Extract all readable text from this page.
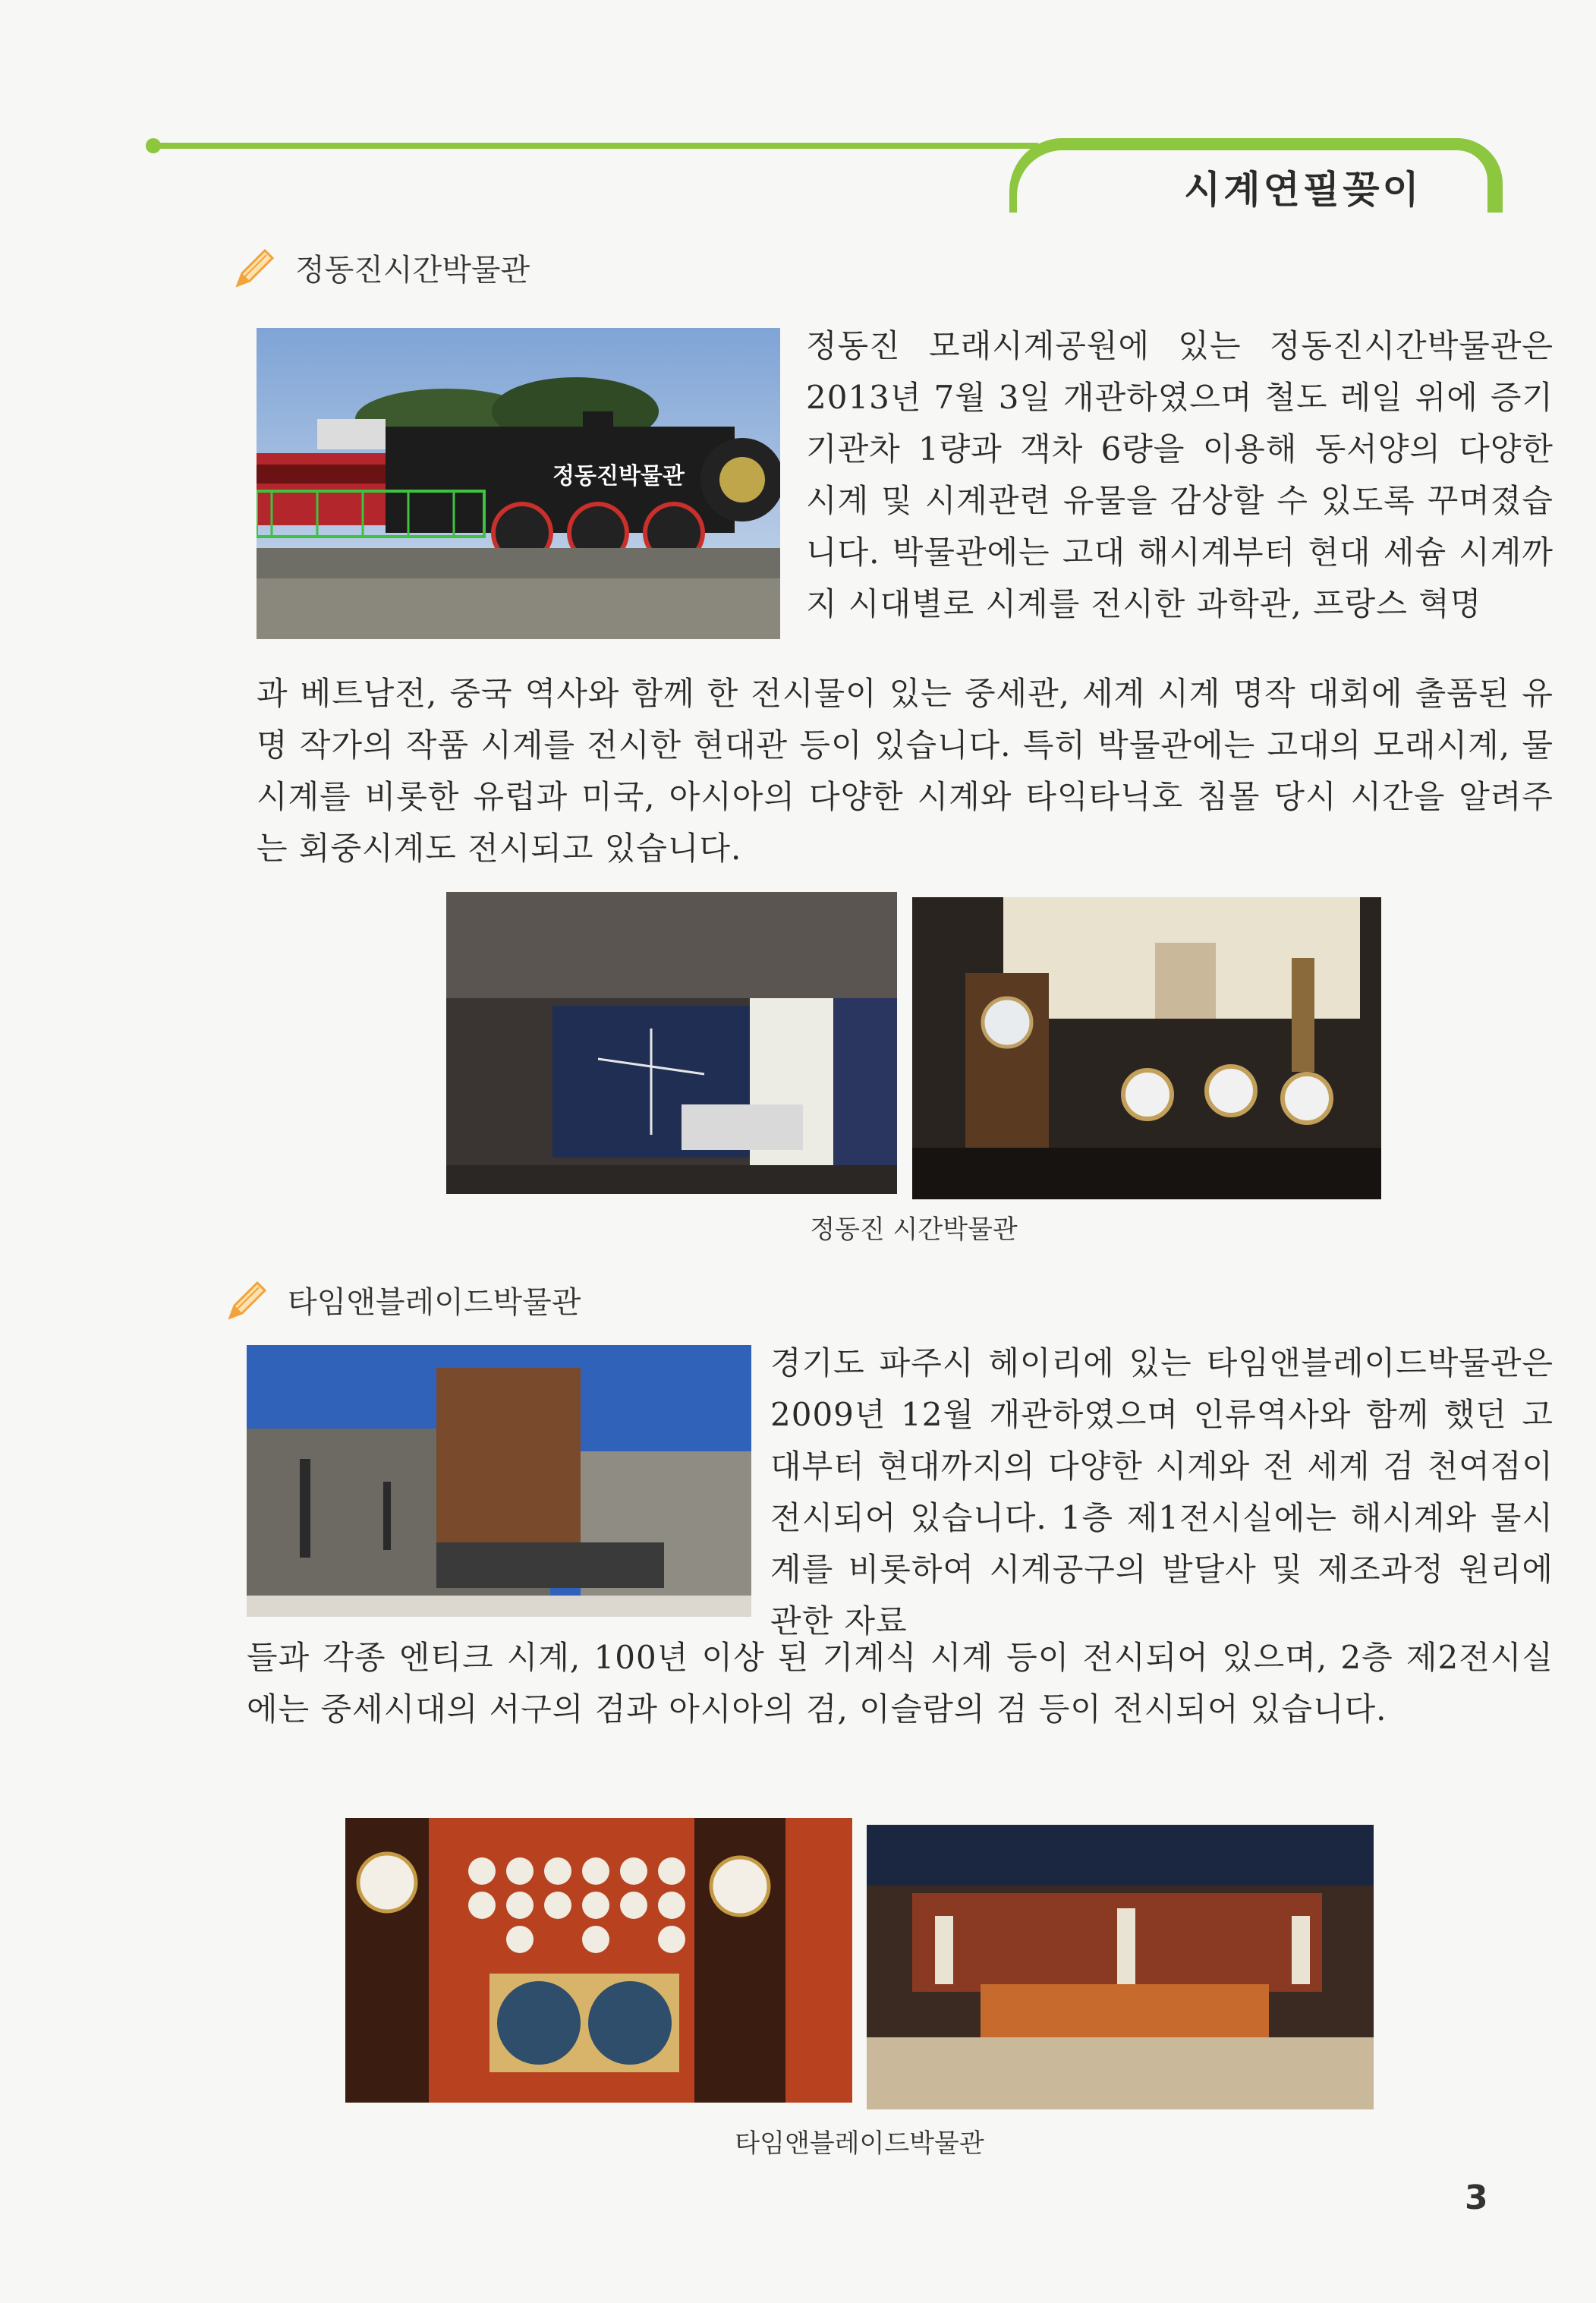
시계연필꽂이
정동진시간박물관
정동진박물관
정동진 모래시계공원에 있는 정동진시간박물관은 2013년 7월 3일 개관하였으며 철도 레일 위에 증기 기관차 1량과 객차 6량을 이용해 동서양의 다양한 시계 및 시계관련 유물을 감상할 수 있도록 꾸며졌습니다. 박물관에는 고대 해시계부터 현대 세슘 시계까지 시대별로 시계를 전시한 과학관, 프랑스 혁명
과 베트남전, 중국 역사와 함께 한 전시물이 있는 중세관, 세계 시계 명작 대회에 출품된 유명 작가의 작품 시계를 전시한 현대관 등이 있습니다. 특히 박물관에는 고대의 모래시계, 물시계를 비롯한 유럽과 미국, 아시아의 다양한 시계와 타익타닉호 침몰 당시 시간을 알려주는 회중시계도 전시되고 있습니다.
정동진 시간박물관
타임앤블레이드박물관
경기도 파주시 헤이리에 있는 타임앤블레이드박물관은 2009년 12월 개관하였으며 인류역사와 함께 했던 고대부터 현대까지의 다양한 시계와 전 세계 검 천여점이 전시되어 있습니다. 1층 제1전시실에는 해시계와 물시계를 비롯하여 시계공구의 발달사 및 제조과정 원리에 관한 자료
들과 각종 엔티크 시계, 100년 이상 된 기계식 시계 등이 전시되어 있으며, 2층 제2전시실에는 중세시대의 서구의 검과 아시아의 검, 이슬람의 검 등이 전시되어 있습니다.
타임앤블레이드박물관
3
